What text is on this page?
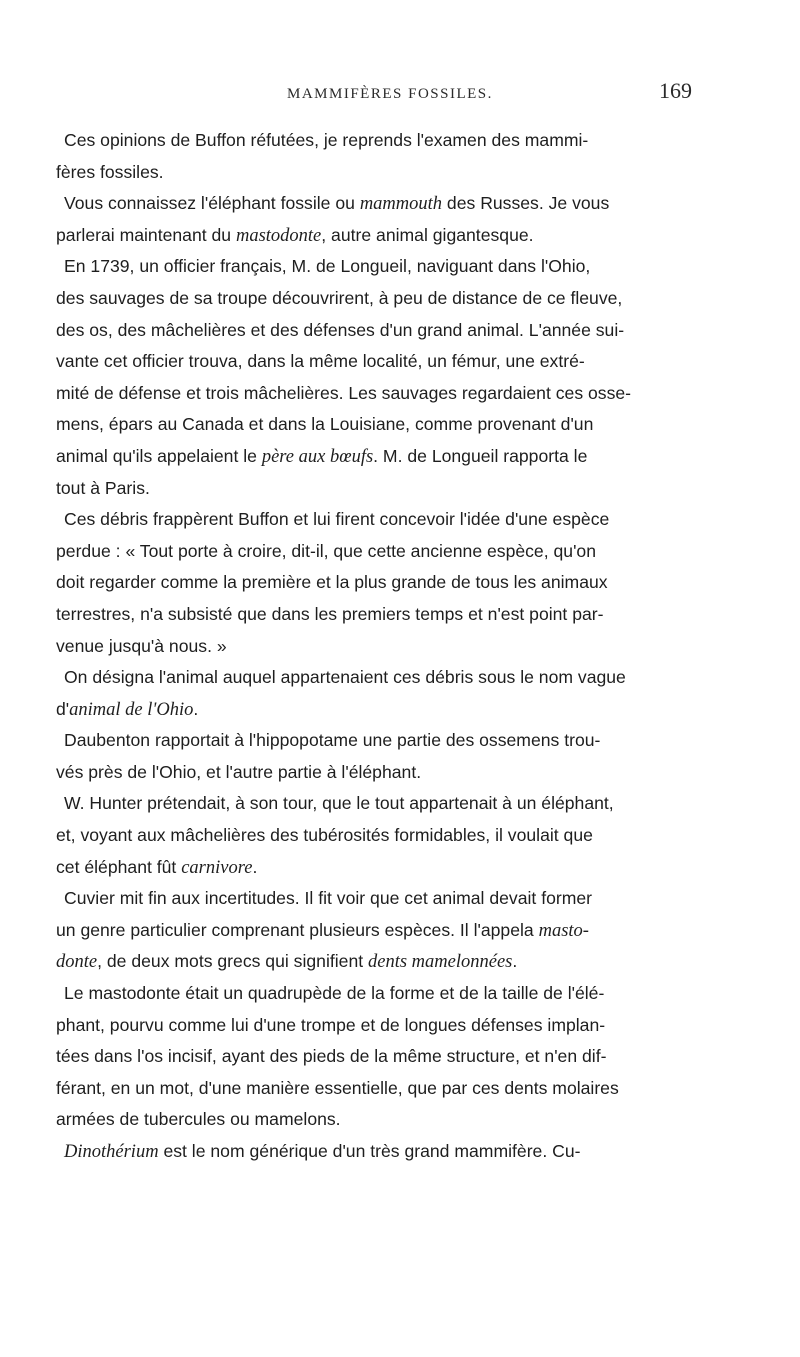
MAMMIFÈRES FOSSILES.	169
Ces opinions de Buffon réfutées, je reprends l'examen des mammi-
fères fossiles.
Vous connaissez l'éléphant fossile ou mammouth des Russes. Je vous
parlerai maintenant du mastodonte, autre animal gigantesque.
En 1739, un officier français, M. de Longueil, naviguant dans l'Ohio,
des sauvages de sa troupe découvrirent, à peu de distance de ce fleuve,
des os, des mâchelières et des défenses d'un grand animal. L'année sui-
vante cet officier trouva, dans la même localité, un fémur, une extré-
mité de défense et trois mâchelières. Les sauvages regardaient ces osse-
mens, épars au Canada et dans la Louisiane, comme provenant d'un
animal qu'ils appelaient le père aux bœufs. M. de Longueil rapporta le
tout à Paris.
Ces débris frappèrent Buffon et lui firent concevoir l'idée d'une espèce
perdue : « Tout porte à croire, dit-il, que cette ancienne espèce, qu'on
doit regarder comme la première et la plus grande de tous les animaux
terrestres, n'a subsisté que dans les premiers temps et n'est point par-
venue jusqu'à nous. »
On désigna l'animal auquel appartenaient ces débris sous le nom vague
d'animal de l'Ohio.
Daubenton rapportait à l'hippopotame une partie des ossemens trou-
vés près de l'Ohio, et l'autre partie à l'éléphant.
W. Hunter prétendait, à son tour, que le tout appartenait à un éléphant,
et, voyant aux mâchelières des tubérosités formidables, il voulait que
cet éléphant fût carnivore.
Cuvier mit fin aux incertitudes. Il fit voir que cet animal devait former
un genre particulier comprenant plusieurs espèces. Il l'appela masto-
donte, de deux mots grecs qui signifient dents mamelonnées.
Le mastodonte était un quadrupède de la forme et de la taille de l'élé-
phant, pourvu comme lui d'une trompe et de longues défenses implan-
tées dans l'os incisif, ayant des pieds de la même structure, et n'en dif-
férant, en un mot, d'une manière essentielle, que par ces dents molaires
armées de tubercules ou mamelons.
Dinothérium est le nom générique d'un très grand mammifère. Cu-
